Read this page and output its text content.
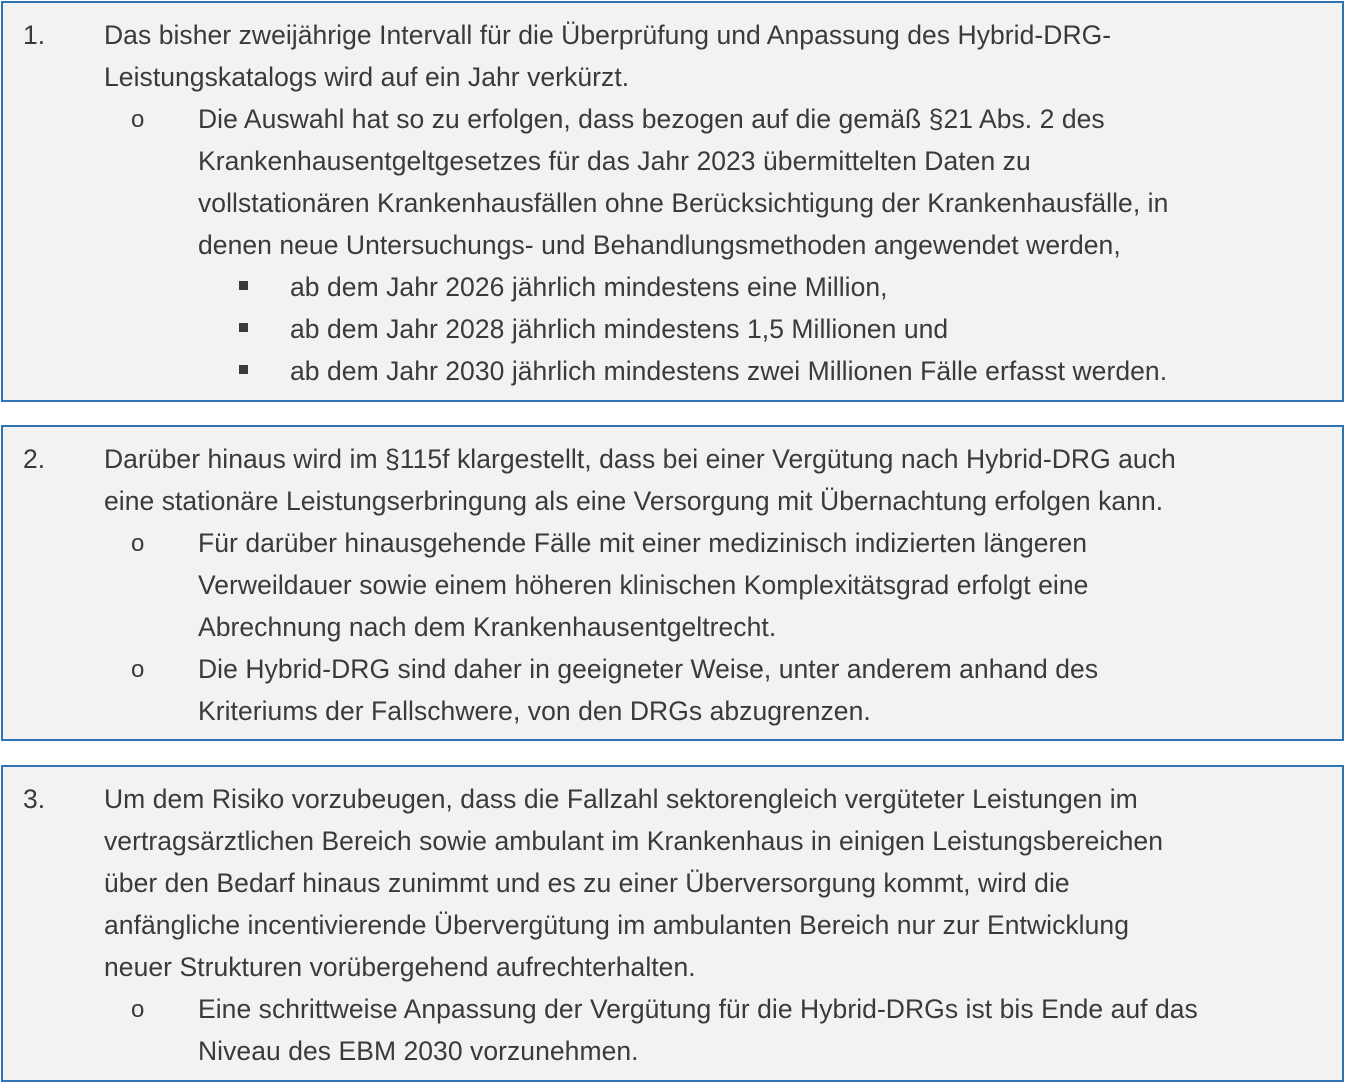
1. Das bisher zweijährige Intervall für die Überprüfung und Anpassung des Hybrid-DRG-
Leistungskatalogs wird auf ein Jahr verkürzt.
o Die Auswahl hat so zu erfolgen, dass bezogen auf die gemäß §21 Abs. 2 des
Krankenhausentgeltgesetzes für das Jahr 2023 übermittelten Daten zu
vollstationären Krankenhausfällen ohne Berücksichtigung der Krankenhausfälle, in
denen neue Untersuchungs- und Behandlungsmethoden angewendet werden,
ab dem Jahr 2026 jährlich mindestens eine Million,
ab dem Jahr 2028 jährlich mindestens 1,5 Millionen und
ab dem Jahr 2030 jährlich mindestens zwei Millionen Fälle erfasst werden.
2. Darüber hinaus wird im §115f klargestellt, dass bei einer Vergütung nach Hybrid-DRG auch
eine stationäre Leistungserbringung als eine Versorgung mit Übernachtung erfolgen kann.
o Für darüber hinausgehende Fälle mit einer medizinisch indizierten längeren
Verweildauer sowie einem höheren klinischen Komplexitätsgrad erfolgt eine
Abrechnung nach dem Krankenhausentgeltrecht.
o Die Hybrid-DRG sind daher in geeigneter Weise, unter anderem anhand des
Kriteriums der Fallschwere, von den DRGs abzugrenzen.
3. Um dem Risiko vorzubeugen, dass die Fallzahl sektorengleich vergüteter Leistungen im
vertragsärztlichen Bereich sowie ambulant im Krankenhaus in einigen Leistungsbereichen
über den Bedarf hinaus zunimmt und es zu einer Überversorgung kommt, wird die
anfängliche incentivierende Übervergütung im ambulanten Bereich nur zur Entwicklung
neuer Strukturen vorübergehend aufrechterhalten.
o Eine schrittweise Anpassung der Vergütung für die Hybrid-DRGs ist bis Ende auf das
Niveau des EBM 2030 vorzunehmen.
